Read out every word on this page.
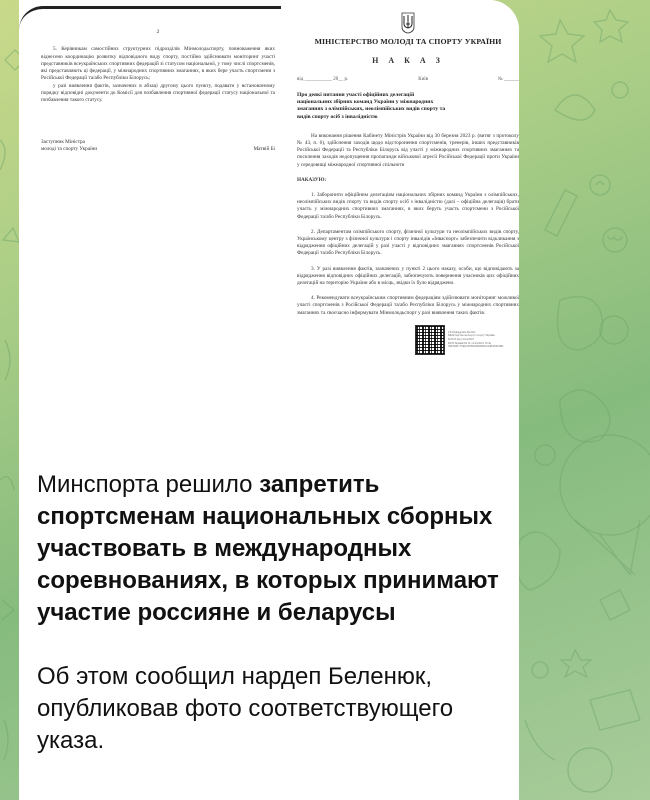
2

5. Керівникам самостійних структурних підрозділів Мінмолодьспорту, повноваження яких віднесено координацію розвитку відповідного виду спорту, постійно здійснювати моніторинг участі представників всеукраїнських спортивних федерацій зі статусом національної, у тому числі спортсменів, які представляють ці федерації, у міжнародних спортивних змаганнях, в яких бере участь спортсмени з Російської Федерації та/або Республіки Білорусь;

у разі виявлення фактів, зазначених в абзаці другому цього пункту, подавати у встановленому порядку відповідні документи до Комісії для позбавлення спортивної федерації статусу національної та позбавлення такого статусу.

Заступник Міністра
молоді та спорту України	Матвій Бі
МІНІСТЕРСТВО МОЛОДІ ТА СПОРТУ УКРАЇНИ
Н А К А З
від ___________ 20__ р.	Київ	№ ______
Про деякі питання участі офіційних делегацій національних збірних команд України у міжнародних змаганнях з олімпійських, неолімпійських видів спорту та видів спорту осіб з інвалідністю

На виконання рішення Кабінету Міністрів України від 30 березня 2023 р. (витяг з протоколу № 43, п. 6), здійснення заходів щодо відсторонення спортсменів, тренерів, інших представників Російської Федерації та Республіки Білорусь від участі у міжнародних спортивних змаганнях та посилення заходів недопущення пропаганди військової агресії Російської Федерації проти України у середовищі міжнародної спортивної спільноти

НАКАЗУЮ:

1. Заборонити офіційним делегаціям національних збірних команд України з олімпійських, неолімпійських видів спорту та видів спорту осіб з інвалідністю (далі – офіційна делегація) брати участь у міжнародних спортивних змаганнях, в яких беруть участь спортсмени з Російської Федерації та/або Республіки Білорусь.

2. Департаментам олімпійського спорту, фізичної культури та неолімпійських видів спорту, Українському центру з фізичної культури і спорту інвалідів «Інваспорт» забезпечити відкликання з відрядження офіційних делегацій у разі участі у відповідних змаганнях спортсменів Російської Федерації та/або Республіки Білорусь.

3. У разі виявлення фактів, зазначених у пункті 2 цього наказу, особи, що відповідають за відрядження відповідних офіційних делегацій, забезпечують повернення учасників цих офіційних делегацій на територію України або в місць, звідки їх було відряджено.

4. Рекомендувати всеукраїнським спортивним федераціям здійснювати моніторинг можливої участі спортсменів з Російської Федерації та/або Республіки Білорусь у міжнародних спортивних змаганнях та своєчасно інформувати Мінмолодьспорт у разі виявлення таких фактів.

СЕД Megapolis.DocNet
Міністерство молоді та спорту України
№2015 від 12.04.2023
КЕП: Бідний М. Я. 12.04.2023 13:42
58E2D9C7F4601D7B0400000002A3B5000A8D
Минспорта решило запретить спортсменам национальных сборных участвовать в международных соревнованиях, в которых принимают участие россияне и беларусы
Об этом сообщил нардеп Беленюк, опубликовав фото соответствующего указа.
